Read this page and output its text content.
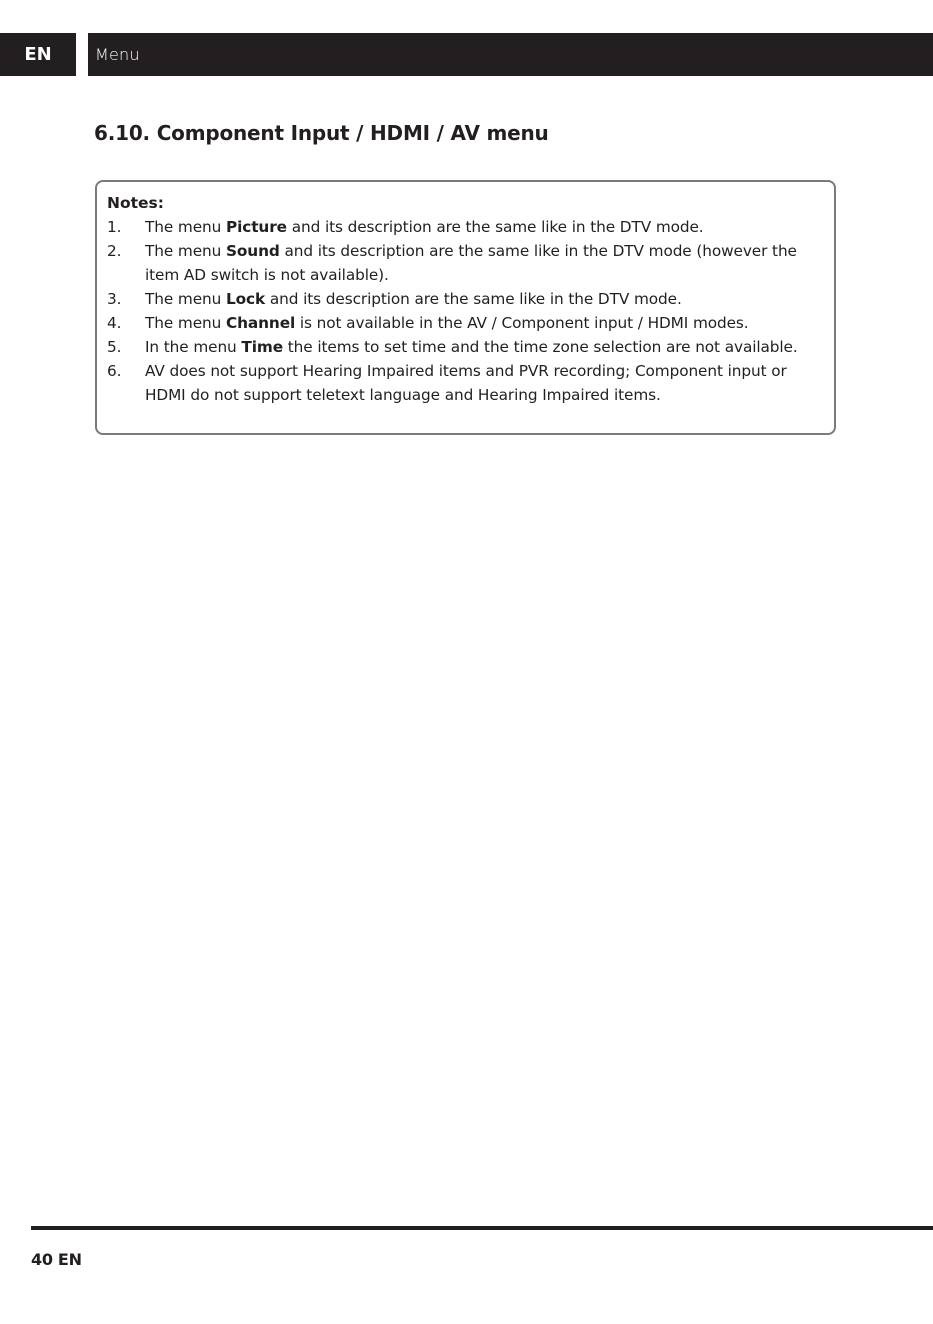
EN	Menu
6.10. Component Input / HDMI / AV menu

Notes:

1.	The menu Picture and its description are the same like in the DTV mode.
2.	The menu Sound and its description are the same like in the DTV mode (however the item AD switch is not available).
3.	The menu Lock and its description are the same like in the DTV mode.
4.	The menu Channel is not available in the AV / Component input / HDMI modes.
5.	In the menu Time the items to set time and the time zone selection are not available.
6.	AV does not support Hearing Impaired items and PVR recording; Component input or HDMI do not support teletext language and Hearing Impaired items.
40 EN
